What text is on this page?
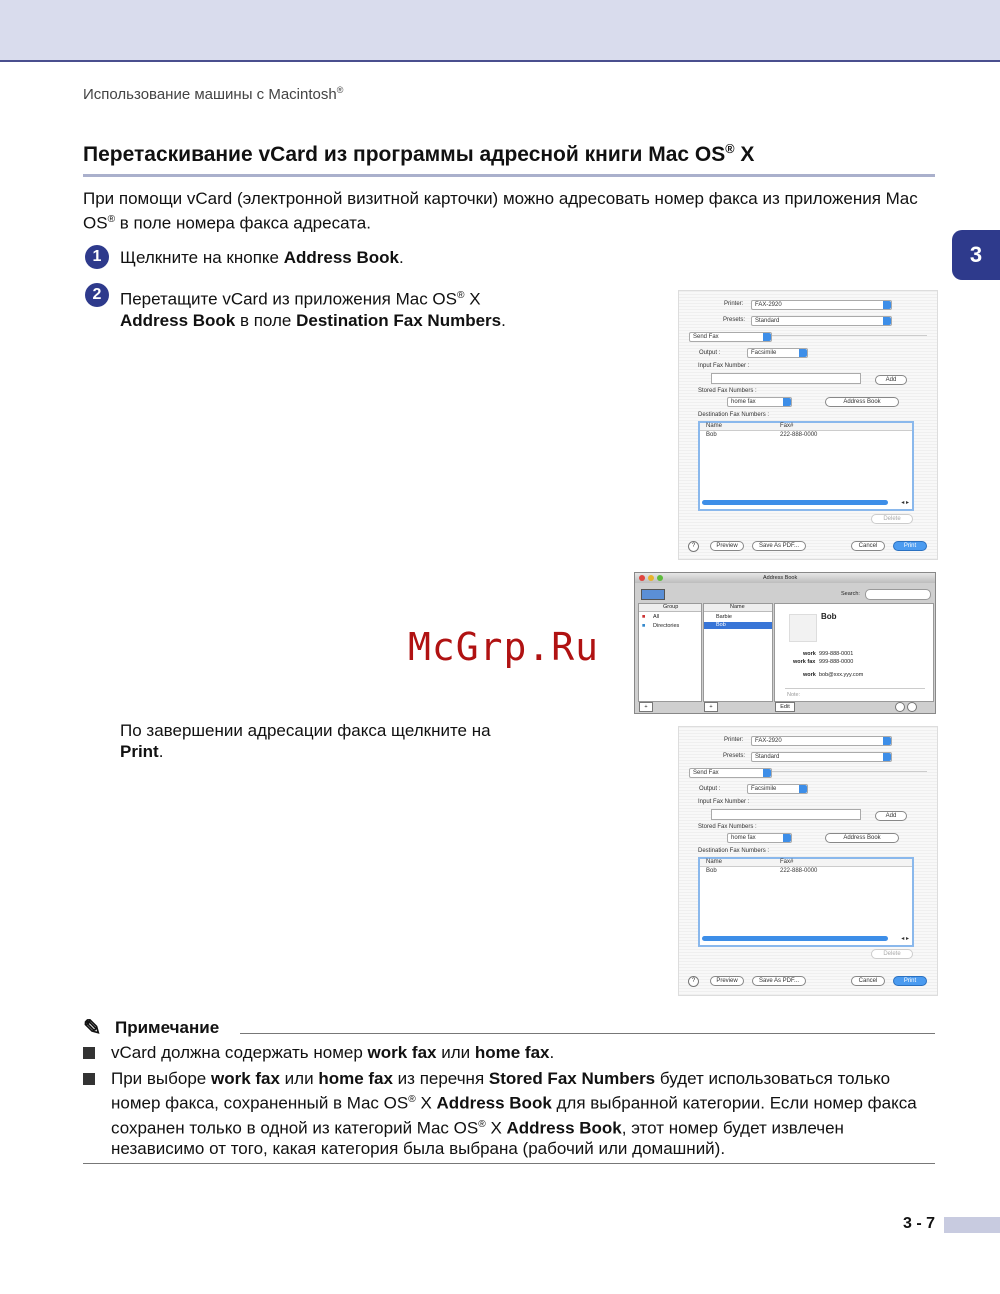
Использование машины с Macintosh®
3
Перетаскивание vCard из программы адресной книги Mac OS® X

При помощи vCard (электронной визитной карточки) можно адресовать номер факса из приложения Mac OS® в поле номера факса адресата.

1	Щелкните на кнопке Address Book.

2	Перетащите vCard из приложения Mac OS® X
Address Book в поле Destination Fax Numbers.

По завершении адресации факса щелкните на
Print.

Printer:	FAX-2920
Presets:	Standard
Send Fax
Output :	Facsimile
Input Fax Number :
Add
Stored Fax Numbers :
home fax	Address Book
Destination Fax Numbers :
Name	Fax#
Bob	222-888-0000
◂ ▸
Delete
?	Preview	Save As PDF...	Cancel	Print
Address Book
Search:
Group
■ All
■ Directories
Name
Barbie
Bob
Bob
work 999-888-0001
work fax 999-888-0000
work bob@xxx.yyy.com
Note:
+	+	Edit
McGrp.Ru
Printer:	FAX-2920
Presets:	Standard
Send Fax
Output :	Facsimile
Input Fax Number :
Add
Stored Fax Numbers :
home fax	Address Book
Destination Fax Numbers :
Name	Fax#
Bob	222-888-0000
◂ ▸
Delete
?	Preview	Save As PDF...	Cancel	Print
✎ Примечание

vCard должна содержать номер work fax или home fax.

При выборе work fax или home fax из перечня Stored Fax Numbers будет использоваться только номер факса, сохраненный в Mac OS® X Address Book для выбранной категории. Если номер факса сохранен только в одной из категорий Mac OS® X Address Book, этот номер будет извлечен независимо от того, какая категория была выбрана (рабочий или домашний).

3 - 7
